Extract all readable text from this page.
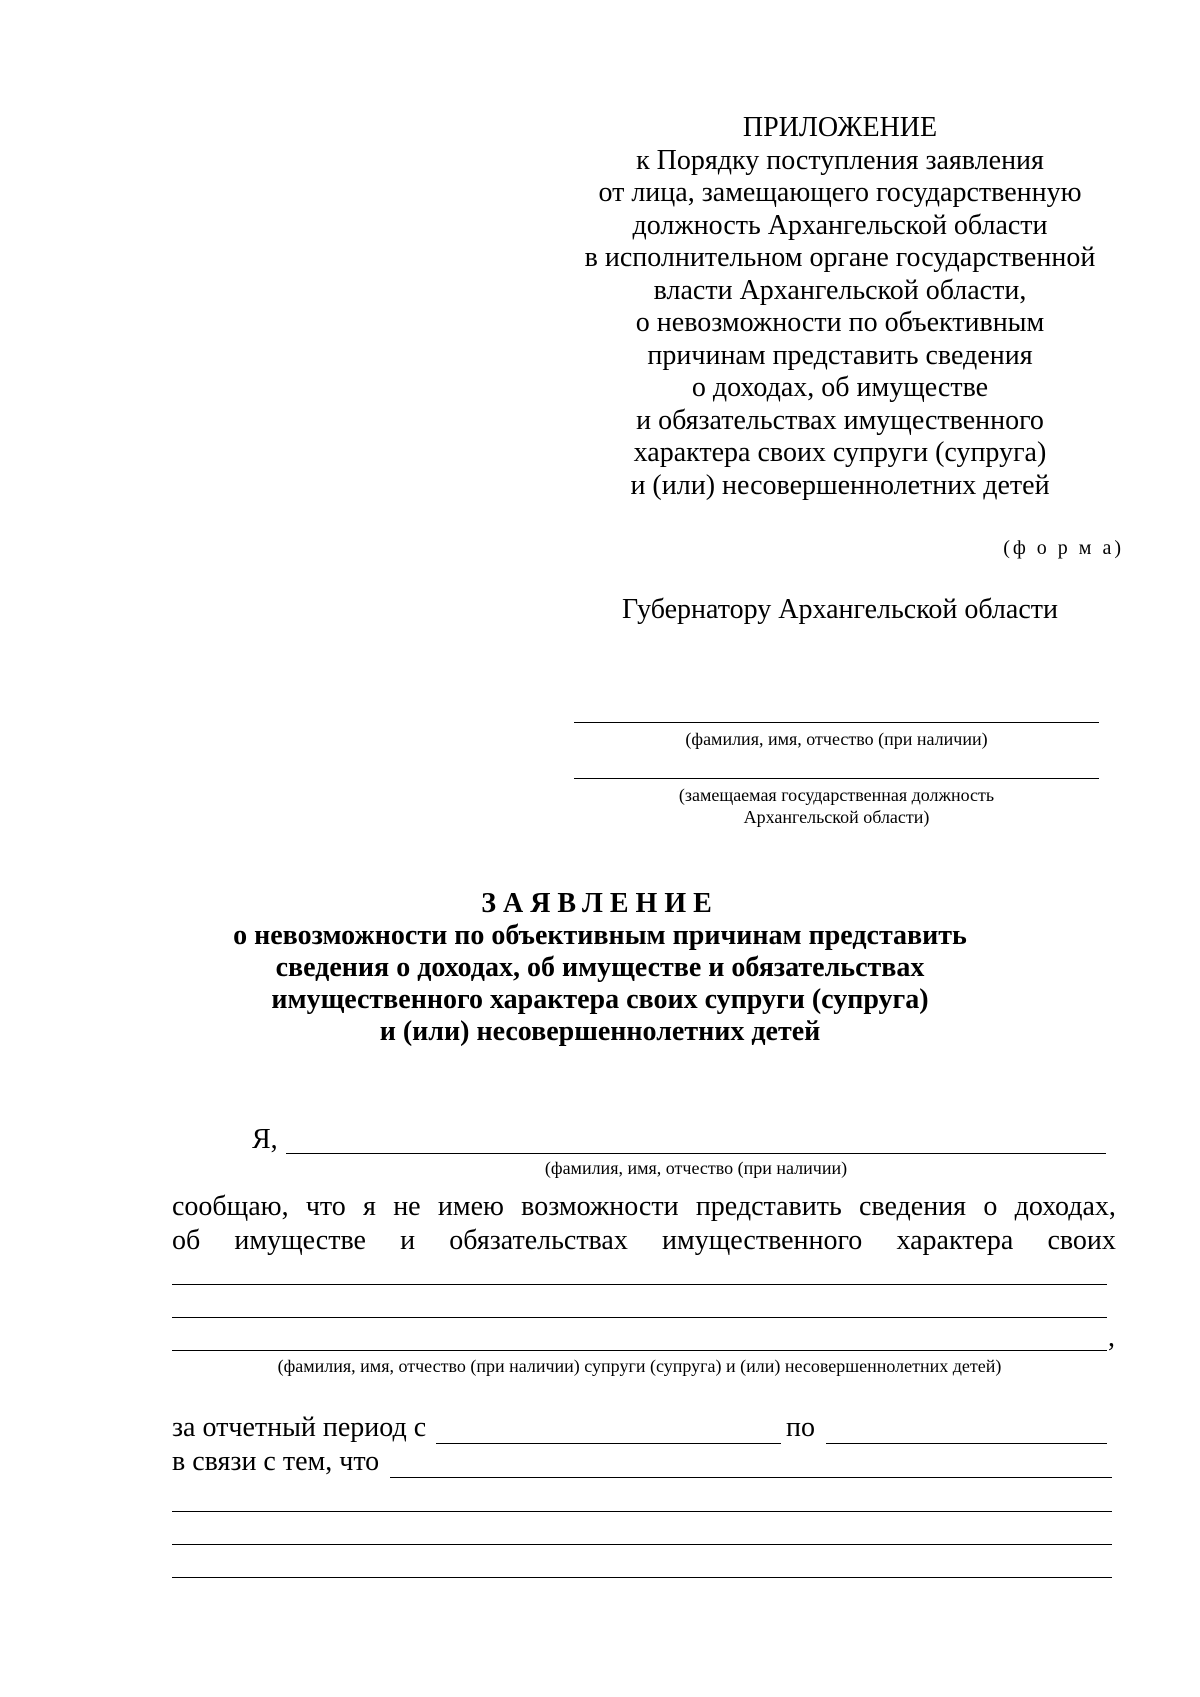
ПРИЛОЖЕНИЕ
к Порядку поступления заявления
от лица, замещающего государственную
должность Архангельской области
в исполнительном органе государственной
власти Архангельской области,
о невозможности по объективным
причинам представить сведения
о доходах, об имуществе
и обязательствах имущественного
характера своих супруги (супруга)
и (или) несовершеннолетних детей
(ф о р м а)
Губернатору Архангельской области
(фамилия, имя, отчество (при наличии)
(замещаемая государственная должность
Архангельской области)
ЗАЯВЛЕНИЕ
о невозможности по объективным причинам представить
сведения о доходах, об имуществе и обязательствах
имущественного характера своих супруги (супруга)
и (или) несовершеннолетних детей
Я,
(фамилия, имя, отчество (при наличии)
сообщаю, что я не имею возможности представить сведения о доходах,
об имуществе и обязательствах имущественного характера своих
,
(фамилия, имя, отчество (при наличии) супруги (супруга) и (или) несовершеннолетних детей)
за отчетный период с	по
в связи с тем, что
